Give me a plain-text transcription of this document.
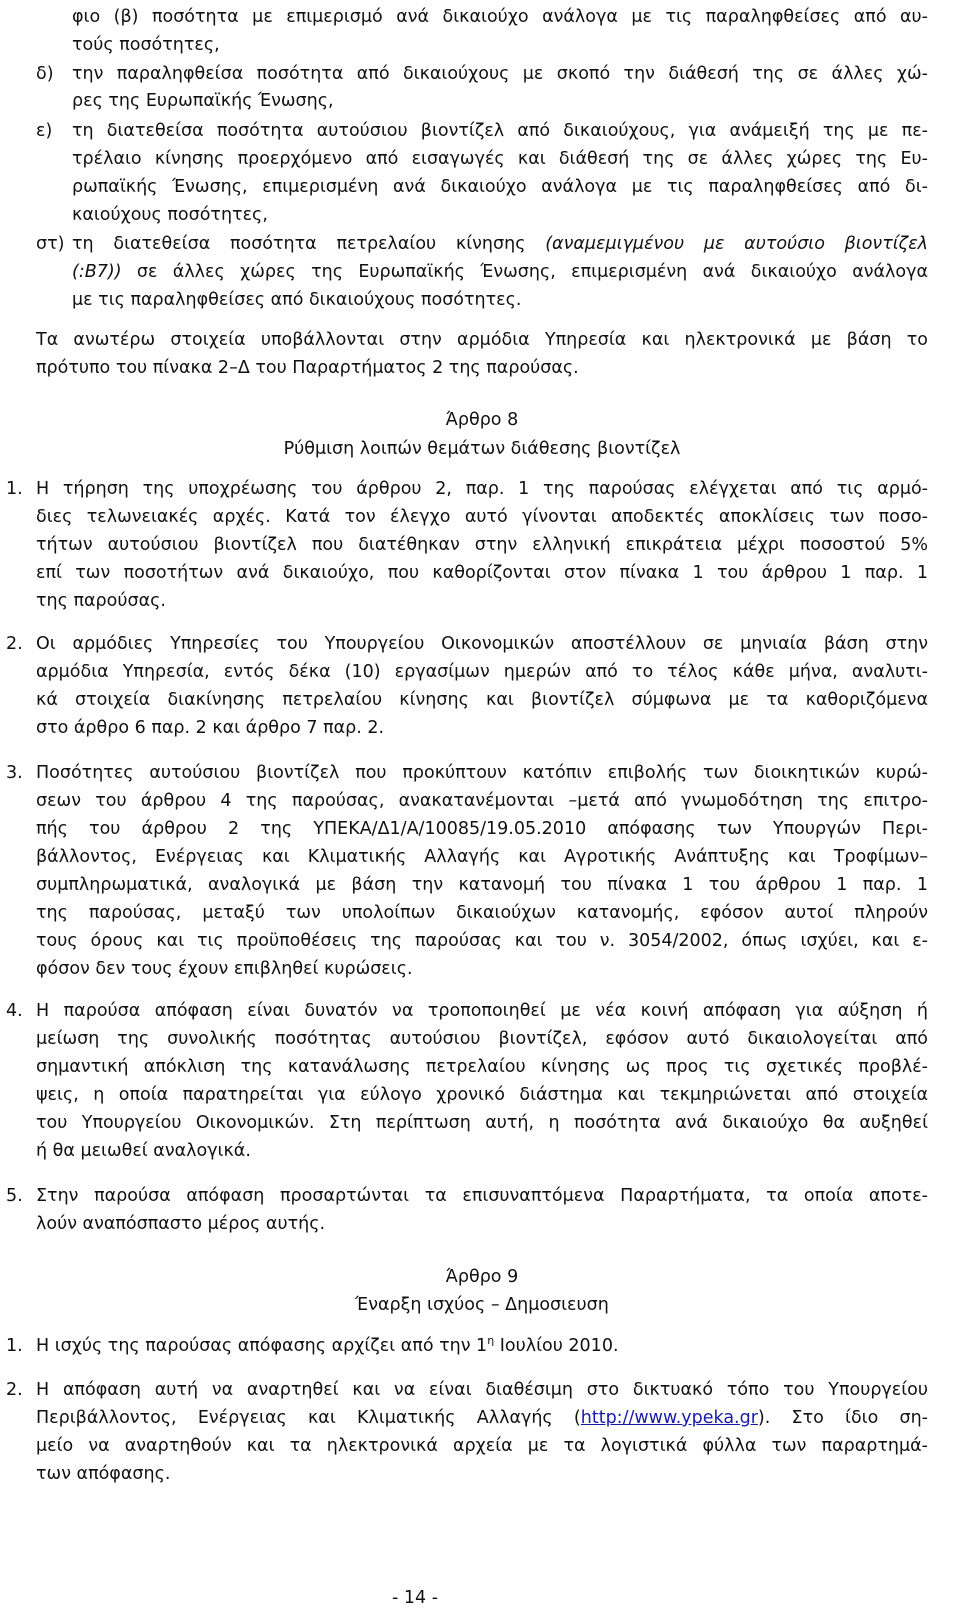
φιο (β) ποσότητα με επιμερισμό ανά δικαιούχο ανάλογα με τις παραληφθείσες από αυ-
τούς ποσότητες,
δ) την παραληφθείσα ποσότητα από δικαιούχους με σκοπό την διάθεσή της σε άλλες χώ-
ρες της Ευρωπαϊκής Ένωσης,
ε) τη διατεθείσα ποσότητα αυτούσιου βιοντίζελ από δικαιούχους, για ανάμειξή της με πε-
τρέλαιο κίνησης προερχόμενο από εισαγωγές και διάθεσή της σε άλλες χώρες της Ευ-
ρωπαϊκής Ένωσης, επιμερισμένη ανά δικαιούχο ανάλογα με τις παραληφθείσες από δι-
καιούχους ποσότητες,
στ) τη διατεθείσα ποσότητα πετρελαίου κίνησης (αναμεμιγμένου με αυτούσιο βιοντίζελ
(:Β7)) σε άλλες χώρες της Ευρωπαϊκής Ένωσης, επιμερισμένη ανά δικαιούχο ανάλογα
με τις παραληφθείσες από δικαιούχους ποσότητες.
Τα ανωτέρω στοιχεία υποβάλλονται στην αρμόδια Υπηρεσία και ηλεκτρονικά με βάση το
πρότυπο του πίνακα 2–Δ του Παραρτήματος 2 της παρούσας.
Άρθρο 8
Ρύθμιση λοιπών θεμάτων διάθεσης βιοντίζελ
1. Η τήρηση της υποχρέωσης του άρθρου 2, παρ. 1 της παρούσας ελέγχεται από τις αρμό-
διες τελωνειακές αρχές. Κατά τον έλεγχο αυτό γίνονται αποδεκτές αποκλίσεις των ποσο-
τήτων αυτούσιου βιοντίζελ που διατέθηκαν στην ελληνική επικράτεια μέχρι ποσοστού 5%
επί των ποσοτήτων ανά δικαιούχο, που καθορίζονται στον πίνακα 1 του άρθρου 1 παρ. 1
της παρούσας.
2. Οι αρμόδιες Υπηρεσίες του Υπουργείου Οικονομικών αποστέλλουν σε μηνιαία βάση στην
αρμόδια Υπηρεσία, εντός δέκα (10) εργασίμων ημερών από το τέλος κάθε μήνα, αναλυτι-
κά στοιχεία διακίνησης πετρελαίου κίνησης και βιοντίζελ σύμφωνα με τα καθοριζόμενα
στο άρθρο 6 παρ. 2 και άρθρο 7 παρ. 2.
3. Ποσότητες αυτούσιου βιοντίζελ που προκύπτουν κατόπιν επιβολής των διοικητικών κυρώ-
σεων του άρθρου 4 της παρούσας, ανακατανέμονται –μετά από γνωμοδότηση της επιτρο-
πής του άρθρου 2 της ΥΠΕΚΑ/Δ1/Α/10085/19.05.2010 απόφασης των Υπουργών Περι-
βάλλοντος, Ενέργειας και Κλιματικής Αλλαγής και Αγροτικής Ανάπτυξης και Τροφίμων–
συμπληρωματικά, αναλογικά με βάση την κατανομή του πίνακα 1 του άρθρου 1 παρ. 1
της παρούσας, μεταξύ των υπολοίπων δικαιούχων κατανομής, εφόσον αυτοί πληρούν
τους όρους και τις προϋποθέσεις της παρούσας και του ν. 3054/2002, όπως ισχύει, και ε-
φόσον δεν τους έχουν επιβληθεί κυρώσεις.
4. Η παρούσα απόφαση είναι δυνατόν να τροποποιηθεί με νέα κοινή απόφαση για αύξηση ή
μείωση της συνολικής ποσότητας αυτούσιου βιοντίζελ, εφόσον αυτό δικαιολογείται από
σημαντική απόκλιση της κατανάλωσης πετρελαίου κίνησης ως προς τις σχετικές προβλέ-
ψεις, η οποία παρατηρείται για εύλογο χρονικό διάστημα και τεκμηριώνεται από στοιχεία
του Υπουργείου Οικονομικών. Στη περίπτωση αυτή, η ποσότητα ανά δικαιούχο θα αυξηθεί
ή θα μειωθεί αναλογικά.
5. Στην παρούσα απόφαση προσαρτώνται τα επισυναπτόμενα Παραρτήματα, τα οποία αποτε-
λούν αναπόσπαστο μέρος αυτής.
Άρθρο 9
Έναρξη ισχύος – Δημοσιευση
1. Η ισχύς της παρούσας απόφασης αρχίζει από την $1^\eta$ Ιουλίου 2010.
2. Η απόφαση αυτή να αναρτηθεί και να είναι διαθέσιμη στο δικτυακό τόπο του Υπουργείου
Περιβάλλοντος, Ενέργειας και Κλιματικής Αλλαγής (http://www.ypeka.gr). Στο ίδιο ση-
μείο να αναρτηθούν και τα ηλεκτρονικά αρχεία με τα λογιστικά φύλλα των παραρτημά-
των απόφασης.
- 14 -
